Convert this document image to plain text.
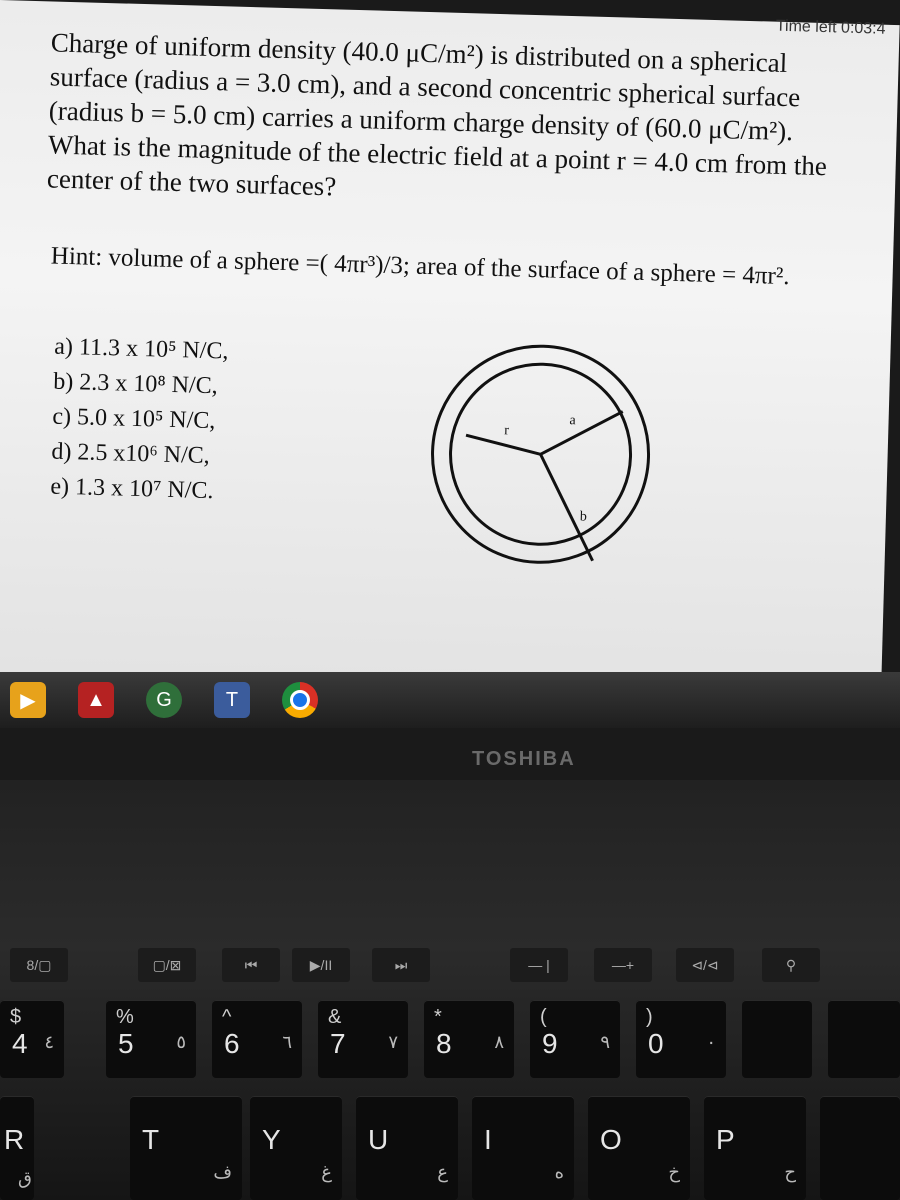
Time left 0:03:4

Charge of uniform density (40.0 μC/m²) is distributed on a spherical surface (radius a = 3.0 cm), and a second concentric spherical surface (radius b = 5.0 cm) carries a uniform charge density of (60.0 μC/m²). What is the magnitude of the electric field at a point r = 4.0 cm from the center of the two surfaces?

Hint: volume of a sphere =( 4πr³)/3; area of the surface of a sphere = 4πr².

a) 11.3 x 10⁵ N/C,
b) 2.3 x 10⁸ N/C,
c) 5.0 x 10⁵ N/C,
d) 2.5 x10⁶ N/C,
e) 1.3 x 10⁷ N/C.
r
a
b
▶	▲	G	T
TOSHIBA
8/▢	▢/⊠	⏮	▶/II	⏭	— |	—+	⊲/⊲	⚲
$
4 ٤
%
5 ٥
^
6 ٦
&
7 ٧
*
8 ٨
(
9 ٩
)
0 ٠
R
ق
T
ف
Y
غ
U
ع
I
ه
O
خ
P
ح
